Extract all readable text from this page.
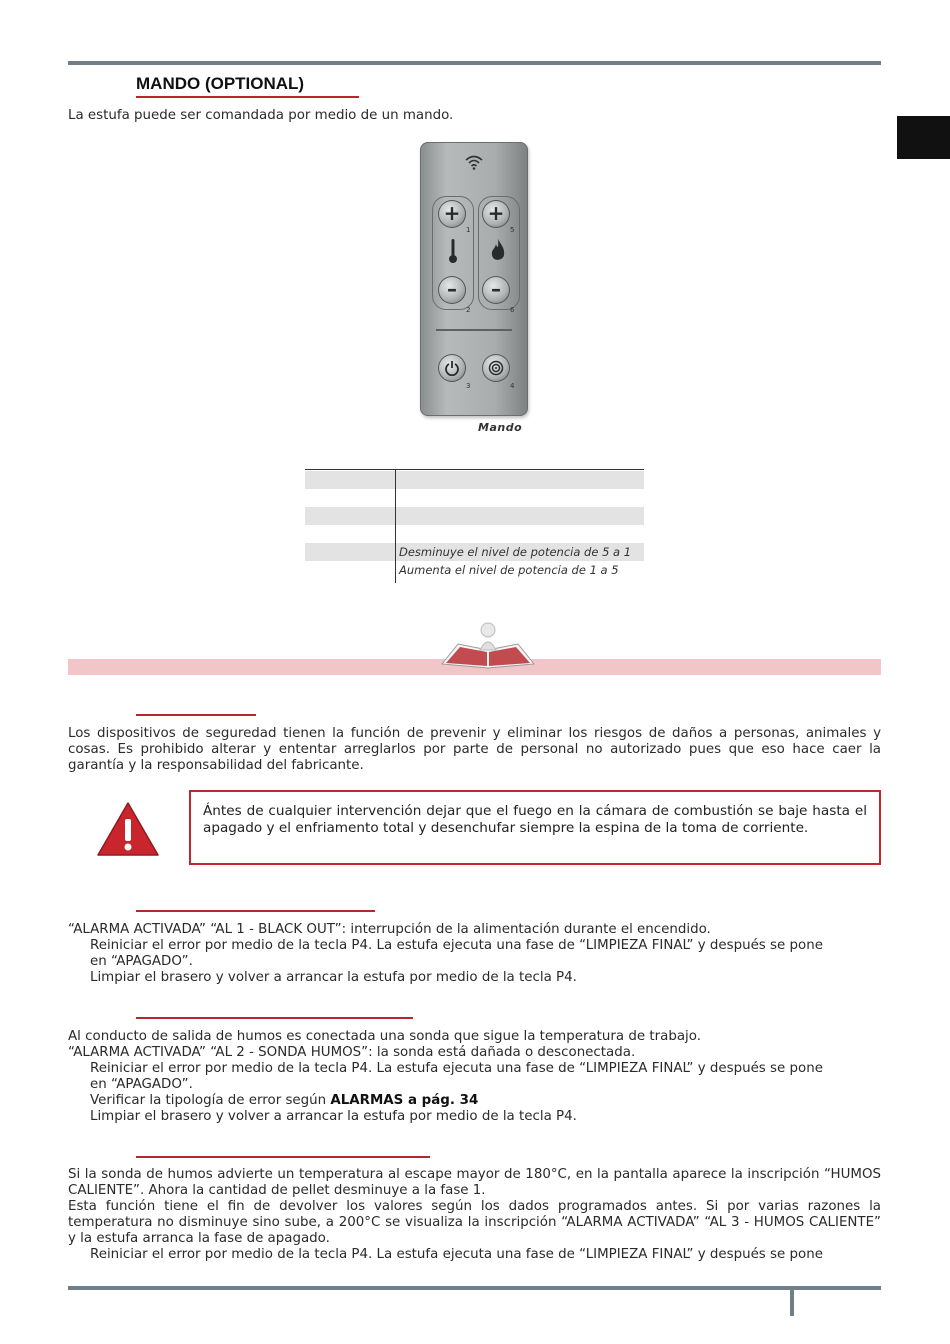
MANDO (OPTIONAL)
La estufa puede ser comandada por medio de un mando.
+ +
–	–
1	5
2	6
3	4
Mando
Desminuye el nivel de potencia de 5 a 1
Aumenta el nivel de potencia de 1 a 5
Los dispositivos de seguredad tienen la función de prevenir y eliminar los riesgos de daños a personas, animales y cosas. Es prohibido alterar y ententar arreglarlos por parte de personal no autorizado pues que eso hace caer la garantía y la responsabilidad del fabricante.
Ántes de cualquier intervención dejar que el fuego en la cámara de combustión se baje hasta el apagado y el enfriamento total y desenchufar siempre la espina de la toma de corriente.
“ALARMA ACTIVADA” “AL 1 - BLACK OUT”: interrupción de la alimentación durante el encendido.
Reiniciar el error por medio de la tecla P4. La estufa ejecuta una fase de “LIMPIEZA FINAL” y después se pone
en “APAGADO”.
Limpiar el brasero y volver a arrancar la estufa por medio de la tecla P4.
Al conducto de salida de humos es conectada una sonda que sigue la temperatura de trabajo.
“ALARMA ACTIVADA” “AL 2 - SONDA HUMOS”: la sonda está dañada o desconectada.
Reiniciar el error por medio de la tecla P4. La estufa ejecuta una fase de “LIMPIEZA FINAL” y después se pone
en “APAGADO”.
Verificar la tipología de error según ALARMAS a pág. 34
Limpiar el brasero y volver a arrancar la estufa por medio de la tecla P4.
Si la sonda de humos advierte un temperatura al escape mayor de 180°C, en la pantalla aparece la inscripción “HUMOS CALIENTE”. Ahora la cantidad de pellet desminuye a la fase 1.
Esta función tiene el fin de devolver los valores según los dados programados antes. Si por varias razones la temperatura no disminuye sino sube, a 200°C se visualiza la inscripción “ALARMA ACTIVADA” “AL 3 - HUMOS CALIENTE” y la estufa arranca la fase de apagado.
Reiniciar el error por medio de la tecla P4. La estufa ejecuta una fase de “LIMPIEZA FINAL” y después se pone
